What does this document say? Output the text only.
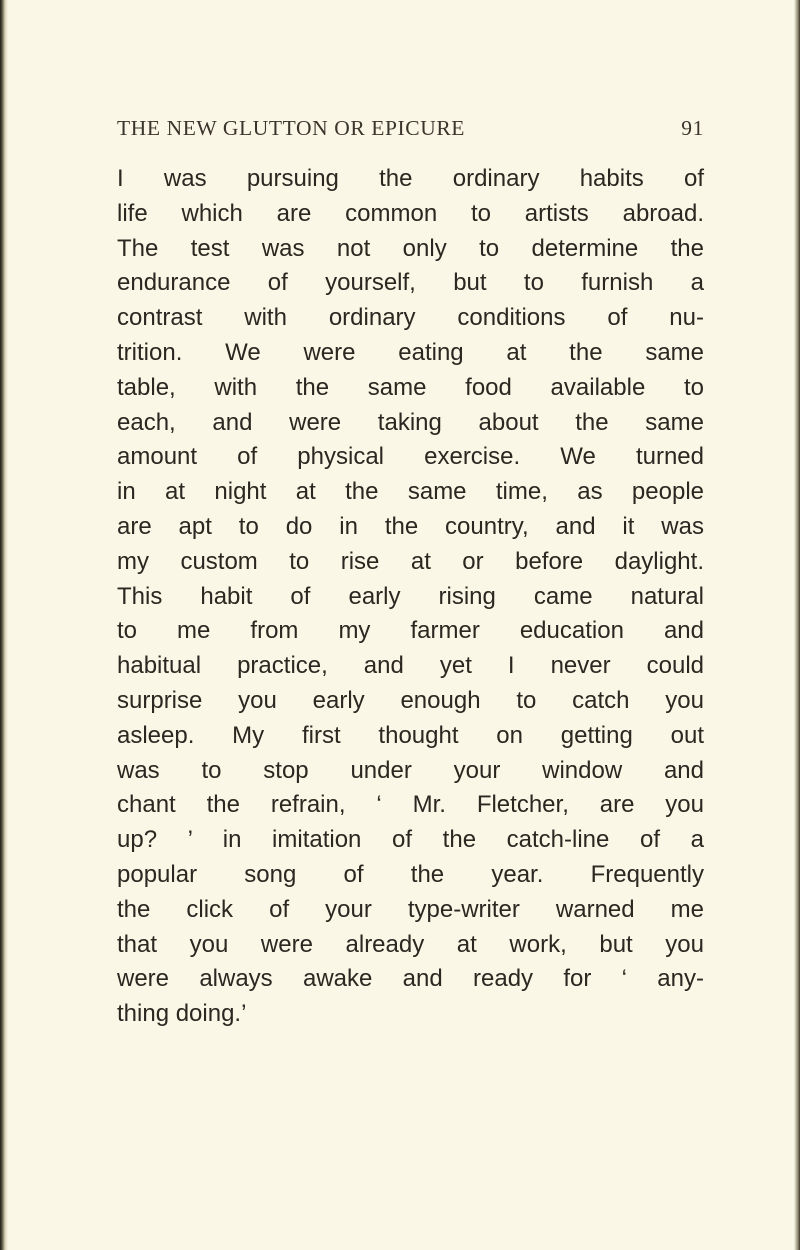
THE NEW GLUTTON OR EPICURE	91
I was pursuing the ordinary habits of
life which are common to artists abroad.
The test was not only to determine the
endurance of yourself, but to furnish a
contrast with ordinary conditions of nu-
trition. We were eating at the same
table, with the same food available to
each, and were taking about the same
amount of physical exercise. We turned
in at night at the same time, as people
are apt to do in the country, and it was
my custom to rise at or before daylight.
This habit of early rising came natural
to me from my farmer education and
habitual practice, and yet I never could
surprise you early enough to catch you
asleep. My first thought on getting out
was to stop under your window and
chant the refrain, ‘ Mr. Fletcher, are you
up? ’ in imitation of the catch-line of a
popular song of the year. Frequently
the click of your type-writer warned me
that you were already at work, but you
were always awake and ready for ‘ any-
thing doing.’
